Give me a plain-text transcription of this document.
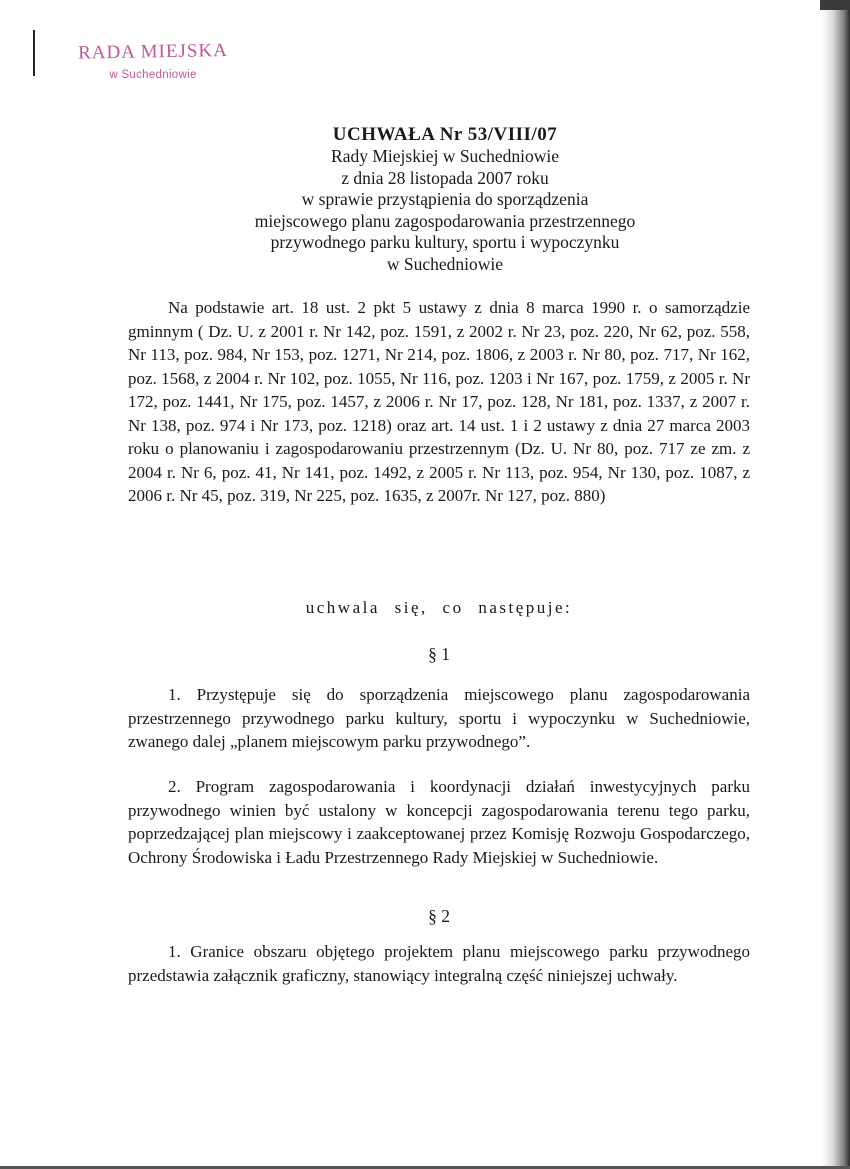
RADA MIEJSKA
w Suchedniowie
UCHWAŁA Nr 53/VIII/07
Rady Miejskiej w Suchedniowie
z dnia 28 listopada 2007 roku
w sprawie przystąpienia do sporządzenia
miejscowego planu zagospodarowania przestrzennego
przywodnego parku kultury, sportu i wypoczynku
w Suchedniowie

Na podstawie art. 18 ust. 2 pkt 5 ustawy z dnia 8 marca 1990 r. o samorządzie gminnym ( Dz. U. z 2001 r. Nr 142, poz. 1591, z 2002 r. Nr 23, poz. 220, Nr 62, poz. 558, Nr 113, poz. 984, Nr 153, poz. 1271, Nr 214, poz. 1806, z 2003 r. Nr 80, poz. 717, Nr 162, poz. 1568, z 2004 r. Nr 102, poz. 1055, Nr 116, poz. 1203 i Nr 167, poz. 1759, z 2005 r. Nr 172, poz. 1441, Nr 175, poz. 1457, z 2006 r. Nr 17, poz. 128, Nr 181, poz. 1337, z 2007 r. Nr 138, poz. 974 i Nr 173, poz. 1218) oraz art. 14 ust. 1 i 2 ustawy z dnia 27 marca 2003 roku o planowaniu i zagospodarowaniu przestrzennym (Dz. U. Nr 80, poz. 717 ze zm. z 2004 r. Nr 6, poz. 41, Nr 141, poz. 1492, z 2005 r. Nr 113, poz. 954, Nr 130, poz. 1087, z 2006 r. Nr 45, poz. 319, Nr 225, poz. 1635, z 2007r. Nr 127, poz. 880)

uchwala się, co następuje:
§ 1

1. Przystępuje się do sporządzenia miejscowego planu zagospodarowania przestrzennego przywodnego parku kultury, sportu i wypoczynku w Suchedniowie, zwanego dalej „planem miejscowym parku przywodnego”.

2. Program zagospodarowania i koordynacji działań inwestycyjnych parku przywodnego winien być ustalony w koncepcji zagospodarowania terenu tego parku, poprzedzającej plan miejscowy i zaakceptowanej przez Komisję Rozwoju Gospodarczego, Ochrony Środowiska i Ładu Przestrzennego Rady Miejskiej w Suchedniowie.

§ 2

1. Granice obszaru objętego projektem planu miejscowego parku przywodnego przedstawia załącznik graficzny, stanowiący integralną część niniejszej uchwały.
